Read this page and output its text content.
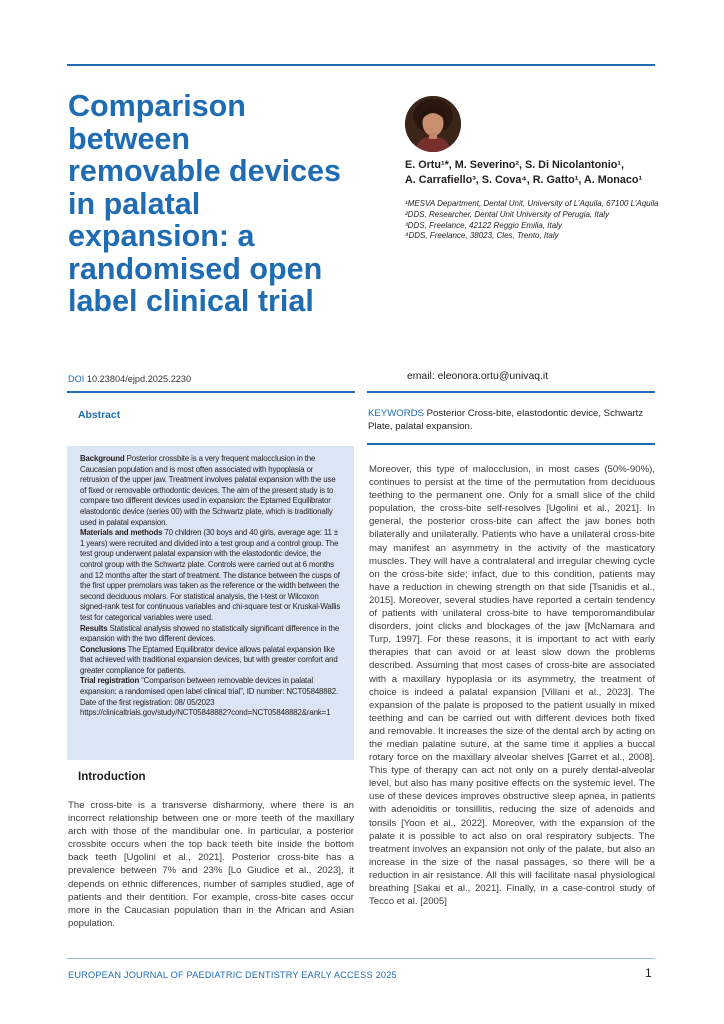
Comparison between removable devices in palatal expansion: a randomised open label clinical trial
E. Ortu¹*, M. Severino², S. Di Nicolantonio¹,
A. Carrafiello³, S. Cova⁴, R. Gatto¹, A. Monaco¹
¹MESVA Department, Dental Unit, University of L’Aquila, 67100 L’Aquila
²DDS, Researcher, Dental Unit University of Perugia, Italy
³DDS, Freelance, 42122 Reggio Emilia, Italy
⁴DDS, Freelance, 38023, Cles, Trento, Italy
DOI 10.23804/ejpd.2025.2230	email: eleonora.ortu@univaq.it
Abstract

Background Posterior crossbite is a very frequent malocclusion in the Caucasian population and is most often associated with hypoplasia or retrusion of the upper jaw. Treatment involves palatal expansion with the use of fixed or removable orthodontic devices. The aim of the present study is to compare two different devices used in expansion: the Eptamed Equilibrator elastodontic device (series 00) with the Schwartz plate, which is traditionally used in palatal expansion.

Materials and methods 70 children (30 boys and 40 girls, average age: 11 ± 1 years) were recruited and divided into a test group and a control group. The test group underwent palatal expansion with the elastodontic device, the control group with the Schwartz plate. Controls were carried out at 6 months and 12 months after the start of treatment. The distance between the cusps of the first upper premolars was taken as the reference or the width between the second deciduous molars. For statistical analysis, the t-test or Wilcoxon signed-rank test for continuous variables and chi-square test or Kruskal-Wallis test for categorical variables were used.

Results Statistical analysis showed no statistically significant difference in the expansion with the two different devices.

Conclusions The Eptamed Equilibrator device allows palatal expansion like that achieved with traditional expansion devices, but with greater comfort and greater compliance for patients.

Trial registration “Comparison between removable devices in palatal expansion: a randomised open label clinical trial”, ID number: NCT05848882. Date of the first registration: 08/ 05/2023 https://clinicaltrials.gov/study/NCT05848882?cond=NCT05848882&rank=1

Introduction

The cross-bite is a transverse disharmony, where there is an incorrect relationship between one or more teeth of the maxillary arch with those of the mandibular one. In particular, a posterior crossbite occurs when the top back teeth bite inside the bottom back teeth [Ugolini et al., 2021]. Posterior cross-bite has a prevalence between 7% and 23% [Lo Giudice et al., 2023], it depends on ethnic differences, number of samples studied, age of patients and their dentition. For example, cross-bite cases occur more in the Caucasian population than in the African and Asian population.

KEYWORDS Posterior Cross-bite, elastodontic device, Schwartz Plate, palatal expansion.

Moreover, this type of malocclusion, in most cases (50%-90%), continues to persist at the time of the permutation from deciduous teething to the permanent one. Only for a small slice of the child population, the cross-bite self-resolves [Ugolini et al., 2021]. In general, the posterior cross-bite can affect the jaw bones both bilaterally and unilaterally. Patients who have a unilateral cross-bite may manifest an asymmetry in the activity of the masticatory muscles. They will have a contralateral and irregular chewing cycle on the cross-bite side; infact, due to this condition, patients may have a reduction in chewing strength on that side [Tsanidis et al., 2015]. Moreover, several studies have reported a certain tendency of patients with unilateral cross-bite to have temporomandibular disorders, joint clicks and blockages of the jaw [McNamara and Turp, 1997]. For these reasons, it is important to act with early therapies that can avoid or at least slow down the problems described. Assuming that most cases of cross-bite are associated with a maxillary hypoplasia or its asymmetry, the treatment of choice is indeed a palatal expansion [Villani et al., 2023]. The expansion of the palate is proposed to the patient usually in mixed teething and can be carried out with different devices both fixed and removable. It increases the size of the dental arch by acting on the median palatine suture, at the same time it applies a buccal rotary force on the maxillary alveolar shelves [Garret et al., 2008]. This type of therapy can act not only on a purely dental-alveolar level, but also has many positive effects on the systemic level. The use of these devices improves obstructive sleep apnea, in patients with adenoiditis or tonsillitis, reducing the size of adenoids and tonsils [Yoon et al., 2022]. Moreover, with the expansion of the palate it is possible to act also on oral respiratory subjects. The treatment involves an expansion not only of the palate, but also an increase in the size of the nasal passages, so there will be a reduction in air resistance. All this will facilitate nasal physiological breathing [Sakai et al., 2021]. Finally, in a case-control study of Tecco et al. [2005]

EUROPEAN JOURNAL OF PAEDIATRIC DENTISTRY EARLY ACCESS 2025	1
